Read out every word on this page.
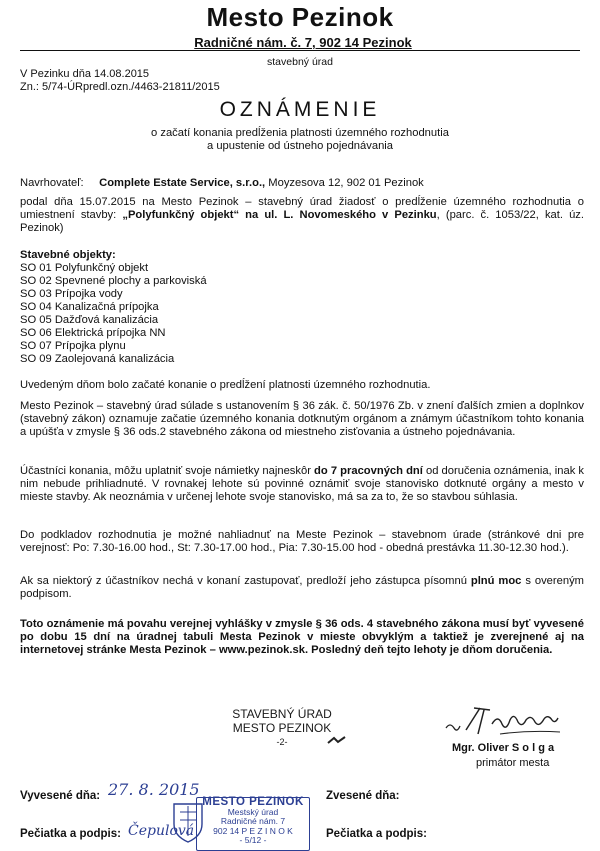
Mesto Pezinok
Radničné nám. č. 7, 902 14 Pezinok
stavebný úrad
V Pezinku dňa 14.08.2015
Zn.: 5/74-ÚRpredl.ozn./4463-21811/2015
OZNÁMENIE
o začatí konania predĺženia platnosti územného rozhodnutia
a upustenie od ústneho pojednávania
Navrhovateľ: Complete Estate Service, s.r.o., Moyzesova 12, 902 01 Pezinok
podal dňa 15.07.2015 na Mesto Pezinok – stavebný úrad žiadosť o predĺženie územného rozhodnutia o umiestnení stavby: „Polyfunkčný objekt“ na ul. L. Novomeského v Pezinku, (parc. č. 1053/22, kat. úz. Pezinok)
Stavebné objekty:
SO 01 Polyfunkčný objekt
SO 02 Spevnené plochy a parkoviská
SO 03 Prípojka vody
SO 04 Kanalizačná prípojka
SO 05 Dažďová kanalizácia
SO 06 Elektrická prípojka NN
SO 07 Prípojka plynu
SO 09 Zaolejovaná kanalizácia
Uvedeným dňom bolo začaté konanie o predĺžení platnosti územného rozhodnutia.
Mesto Pezinok – stavebný úrad súlade s ustanovením § 36 zák. č. 50/1976 Zb. v znení ďalších zmien a doplnkov (stavebný zákon) oznamuje začatie územného konania dotknutým orgánom a známym účastníkom tohto konania a upúšťa v zmysle § 36 ods.2 stavebného zákona od miestneho zisťovania a ústneho pojednávania.
Účastníci konania, môžu uplatniť svoje námietky najneskôr do 7 pracovných dní od doručenia oznámenia, inak k nim nebude prihliadnuté. V rovnakej lehote sú povinné oznámiť svoje stanovisko dotknuté orgány a mesto v mieste stavby. Ak neoznámia v určenej lehote svoje stanovisko, má sa za to, že so stavbou súhlasia.
Do podkladov rozhodnutia je možné nahliadnuť na Meste Pezinok – stavebnom úrade (stránkové dni pre verejnosť: Po: 7.30-16.00 hod., St: 7.30-17.00 hod., Pia: 7.30-15.00 hod - obedná prestávka 11.30-12.30 hod.).
Ak sa niektorý z účastníkov nechá v konaní zastupovať, predloží jeho zástupca písomnú plnú moc s overeným podpisom.
Toto oznámenie má povahu verejnej vyhlášky v zmysle § 36 ods. 4 stavebného zákona musí byť vyvesené po dobu 15 dní na úradnej tabuli Mesta Pezinok v mieste obvyklým a taktiež je zverejnené aj na internetovej stránke Mesta Pezinok – www.pezinok.sk. Posledný deň tejto lehoty je dňom doručenia.
STAVEBNÝ ÚRAD
MESTO PEZINOK
-2-	Mgr. Oliver S o l g a
primátor mesta
Vyvesené dňa: 27. 8. 2015	Zvesené dňa:
Pečiatka a podpis: Čepulová	Pečiatka a podpis:
MESTO PEZINOK
Mestský úrad
Radničné nám. 7
902 14 P E Z I N O K
- 5/12 -
